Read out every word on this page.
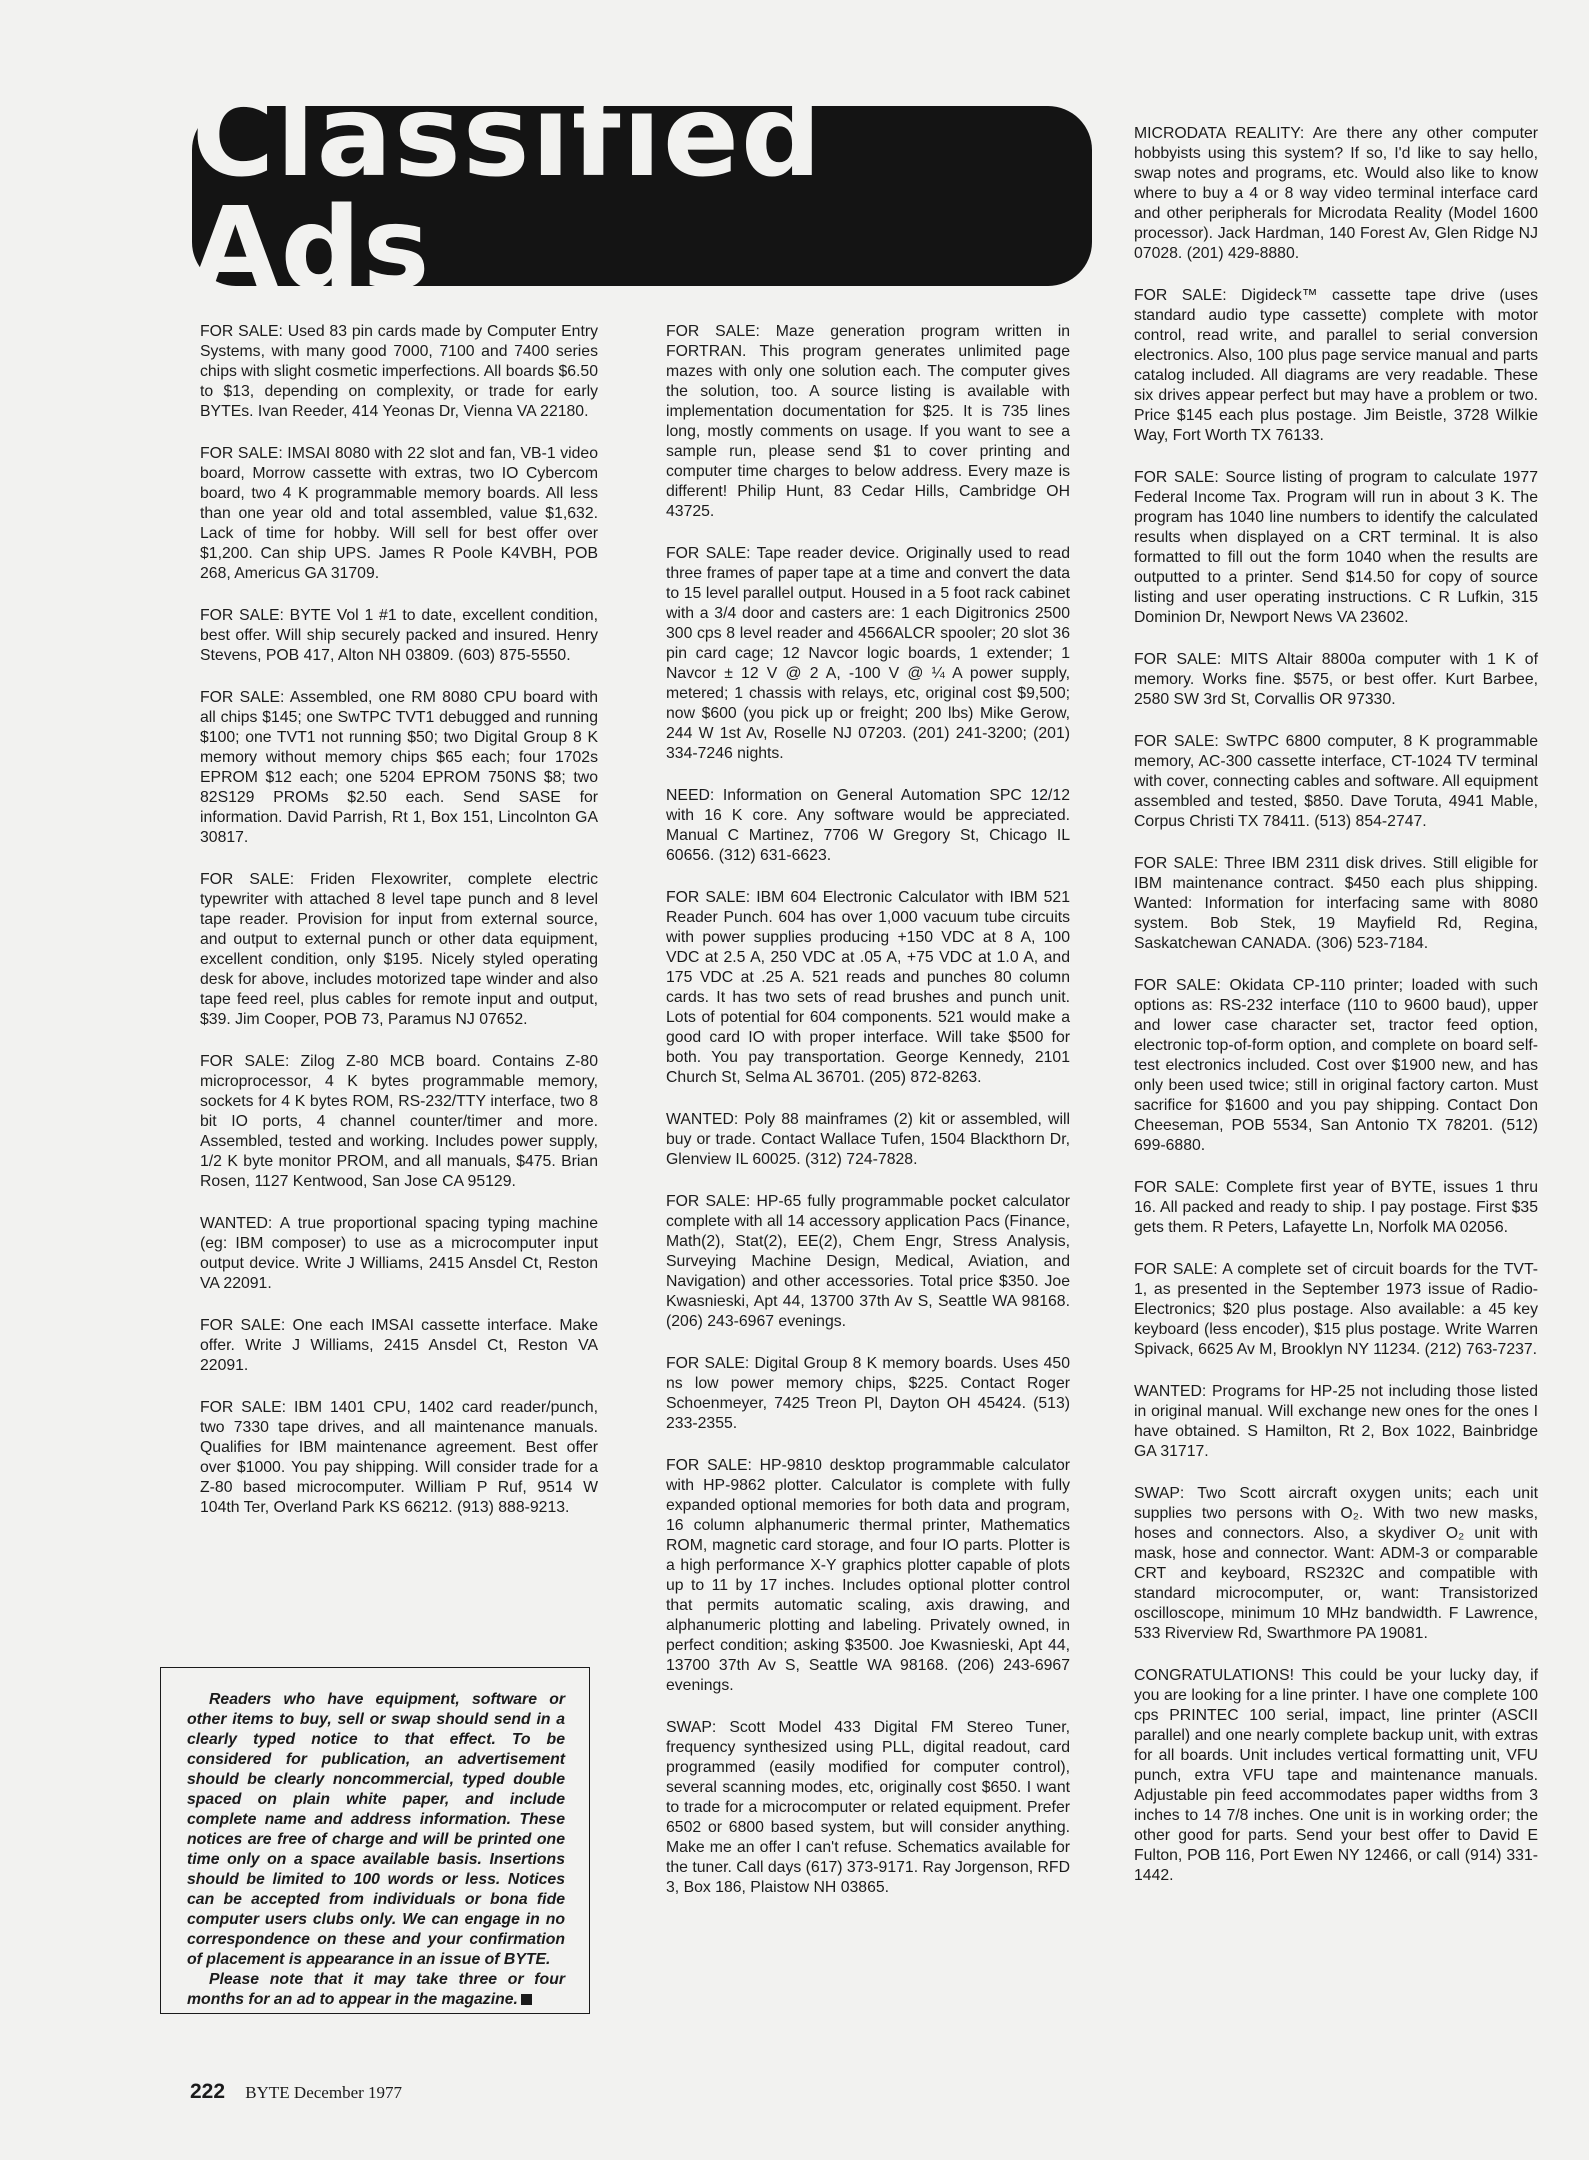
Classified Ads

FOR SALE: Used 83 pin cards made by Computer Entry Systems, with many good 7000, 7100 and 7400 series chips with slight cosmetic imperfections. All boards $6.50 to $13, depending on complexity, or trade for early BYTEs. Ivan Reeder, 414 Yeonas Dr, Vienna VA 22180.

FOR SALE: IMSAI 8080 with 22 slot and fan, VB-1 video board, Morrow cassette with extras, two IO Cybercom board, two 4 K programmable memory boards. All less than one year old and total assembled, value $1,632. Lack of time for hobby. Will sell for best offer over $1,200. Can ship UPS. James R Poole K4VBH, POB 268, Americus GA 31709.

FOR SALE: BYTE Vol 1 #1 to date, excellent condition, best offer. Will ship securely packed and insured. Henry Stevens, POB 417, Alton NH 03809. (603) 875-5550.

FOR SALE: Assembled, one RM 8080 CPU board with all chips $145; one SwTPC TVT1 debugged and running $100; one TVT1 not running $50; two Digital Group 8 K memory without memory chips $65 each; four 1702s EPROM $12 each; one 5204 EPROM 750NS $8; two 82S129 PROMs $2.50 each. Send SASE for information. David Parrish, Rt 1, Box 151, Lincolnton GA 30817.

FOR SALE: Friden Flexowriter, complete electric typewriter with attached 8 level tape punch and 8 level tape reader. Provision for input from external source, and output to external punch or other data equipment, excellent condition, only $195. Nicely styled operating desk for above, includes motorized tape winder and also tape feed reel, plus cables for remote input and output, $39. Jim Cooper, POB 73, Paramus NJ 07652.

FOR SALE: Zilog Z-80 MCB board. Contains Z-80 microprocessor, 4 K bytes programmable memory, sockets for 4 K bytes ROM, RS-232/TTY interface, two 8 bit IO ports, 4 channel counter/timer and more. Assembled, tested and working. Includes power supply, 1/2 K byte monitor PROM, and all manuals, $475. Brian Rosen, 1127 Kentwood, San Jose CA 95129.

WANTED: A true proportional spacing typing machine (eg: IBM composer) to use as a microcomputer input output device. Write J Williams, 2415 Ansdel Ct, Reston VA 22091.

FOR SALE: One each IMSAI cassette interface. Make offer. Write J Williams, 2415 Ansdel Ct, Reston VA 22091.

FOR SALE: IBM 1401 CPU, 1402 card reader/punch, two 7330 tape drives, and all maintenance manuals. Qualifies for IBM maintenance agreement. Best offer over $1000. You pay shipping. Will consider trade for a Z-80 based microcomputer. William P Ruf, 9514 W 104th Ter, Overland Park KS 66212. (913) 888-9213.

FOR SALE: Maze generation program written in FORTRAN. This program generates unlimited page mazes with only one solution each. The computer gives the solution, too. A source listing is available with implementation documentation for $25. It is 735 lines long, mostly comments on usage. If you want to see a sample run, please send $1 to cover printing and computer time charges to below address. Every maze is different! Philip Hunt, 83 Cedar Hills, Cambridge OH 43725.

FOR SALE: Tape reader device. Originally used to read three frames of paper tape at a time and convert the data to 15 level parallel output. Housed in a 5 foot rack cabinet with a 3/4 door and casters are: 1 each Digitronics 2500 300 cps 8 level reader and 4566ALCR spooler; 20 slot 36 pin card cage; 12 Navcor logic boards, 1 extender; 1 Navcor ± 12 V @ 2 A, -100 V @ ¼ A power supply, metered; 1 chassis with relays, etc, original cost $9,500; now $600 (you pick up or freight; 200 lbs) Mike Gerow, 244 W 1st Av, Roselle NJ 07203. (201) 241-3200; (201) 334-7246 nights.

NEED: Information on General Automation SPC 12/12 with 16 K core. Any software would be appreciated. Manual C Martinez, 7706 W Gregory St, Chicago IL 60656. (312) 631-6623.

FOR SALE: IBM 604 Electronic Calculator with IBM 521 Reader Punch. 604 has over 1,000 vacuum tube circuits with power supplies producing +150 VDC at 8 A, 100 VDC at 2.5 A, 250 VDC at .05 A, +75 VDC at 1.0 A, and 175 VDC at .25 A. 521 reads and punches 80 column cards. It has two sets of read brushes and punch unit. Lots of potential for 604 components. 521 would make a good card IO with proper interface. Will take $500 for both. You pay transportation. George Kennedy, 2101 Church St, Selma AL 36701. (205) 872-8263.

WANTED: Poly 88 mainframes (2) kit or assembled, will buy or trade. Contact Wallace Tufen, 1504 Blackthorn Dr, Glenview IL 60025. (312) 724-7828.

FOR SALE: HP-65 fully programmable pocket calculator complete with all 14 accessory application Pacs (Finance, Math(2), Stat(2), EE(2), Chem Engr, Stress Analysis, Surveying Machine Design, Medical, Aviation, and Navigation) and other accessories. Total price $350. Joe Kwasnieski, Apt 44, 13700 37th Av S, Seattle WA 98168. (206) 243-6967 evenings.

FOR SALE: Digital Group 8 K memory boards. Uses 450 ns low power memory chips, $225. Contact Roger Schoenmeyer, 7425 Treon Pl, Dayton OH 45424. (513) 233-2355.

FOR SALE: HP-9810 desktop programmable calculator with HP-9862 plotter. Calculator is complete with fully expanded optional memories for both data and program, 16 column alphanumeric thermal printer, Mathematics ROM, magnetic card storage, and four IO parts. Plotter is a high performance X-Y graphics plotter capable of plots up to 11 by 17 inches. Includes optional plotter control that permits automatic scaling, axis drawing, and alphanumeric plotting and labeling. Privately owned, in perfect condition; asking $3500. Joe Kwasnieski, Apt 44, 13700 37th Av S, Seattle WA 98168. (206) 243-6967 evenings.

SWAP: Scott Model 433 Digital FM Stereo Tuner, frequency synthesized using PLL, digital readout, card programmed (easily modified for computer control), several scanning modes, etc, originally cost $650. I want to trade for a microcomputer or related equipment. Prefer 6502 or 6800 based system, but will consider anything. Make me an offer I can't refuse. Schematics available for the tuner. Call days (617) 373-9171. Ray Jorgenson, RFD 3, Box 186, Plaistow NH 03865.

MICRODATA REALITY: Are there any other computer hobbyists using this system? If so, I'd like to say hello, swap notes and programs, etc. Would also like to know where to buy a 4 or 8 way video terminal interface card and other peripherals for Microdata Reality (Model 1600 processor). Jack Hardman, 140 Forest Av, Glen Ridge NJ 07028. (201) 429-8880.

FOR SALE: Digideck™ cassette tape drive (uses standard audio type cassette) complete with motor control, read write, and parallel to serial conversion electronics. Also, 100 plus page service manual and parts catalog included. All diagrams are very readable. These six drives appear perfect but may have a problem or two. Price $145 each plus postage. Jim Beistle, 3728 Wilkie Way, Fort Worth TX 76133.

FOR SALE: Source listing of program to calculate 1977 Federal Income Tax. Program will run in about 3 K. The program has 1040 line numbers to identify the calculated results when displayed on a CRT terminal. It is also formatted to fill out the form 1040 when the results are outputted to a printer. Send $14.50 for copy of source listing and user operating instructions. C R Lufkin, 315 Dominion Dr, Newport News VA 23602.

FOR SALE: MITS Altair 8800a computer with 1 K of memory. Works fine. $575, or best offer. Kurt Barbee, 2580 SW 3rd St, Corvallis OR 97330.

FOR SALE: SwTPC 6800 computer, 8 K programmable memory, AC-300 cassette interface, CT-1024 TV terminal with cover, connecting cables and software. All equipment assembled and tested, $850. Dave Toruta, 4941 Mable, Corpus Christi TX 78411. (513) 854-2747.

FOR SALE: Three IBM 2311 disk drives. Still eligible for IBM maintenance contract. $450 each plus shipping. Wanted: Information for interfacing same with 8080 system. Bob Stek, 19 Mayfield Rd, Regina, Saskatchewan CANADA. (306) 523-7184.

FOR SALE: Okidata CP-110 printer; loaded with such options as: RS-232 interface (110 to 9600 baud), upper and lower case character set, tractor feed option, electronic top-of-form option, and complete on board self-test electronics included. Cost over $1900 new, and has only been used twice; still in original factory carton. Must sacrifice for $1600 and you pay shipping. Contact Don Cheeseman, POB 5534, San Antonio TX 78201. (512) 699-6880.

FOR SALE: Complete first year of BYTE, issues 1 thru 16. All packed and ready to ship. I pay postage. First $35 gets them. R Peters, Lafayette Ln, Norfolk MA 02056.

FOR SALE: A complete set of circuit boards for the TVT-1, as presented in the September 1973 issue of Radio-Electronics; $20 plus postage. Also available: a 45 key keyboard (less encoder), $15 plus postage. Write Warren Spivack, 6625 Av M, Brooklyn NY 11234. (212) 763-7237.

WANTED: Programs for HP-25 not including those listed in original manual. Will exchange new ones for the ones I have obtained. S Hamilton, Rt 2, Box 1022, Bainbridge GA 31717.

SWAP: Two Scott aircraft oxygen units; each unit supplies two persons with O₂. With two new masks, hoses and connectors. Also, a skydiver O₂ unit with mask, hose and connector. Want: ADM-3 or comparable CRT and keyboard, RS232C and compatible with standard microcomputer, or, want: Transistorized oscilloscope, minimum 10 MHz bandwidth. F Lawrence, 533 Riverview Rd, Swarthmore PA 19081.

CONGRATULATIONS! This could be your lucky day, if you are looking for a line printer. I have one complete 100 cps PRINTEC 100 serial, impact, line printer (ASCII parallel) and one nearly complete backup unit, with extras for all boards. Unit includes vertical formatting unit, VFU punch, extra VFU tape and maintenance manuals. Adjustable pin feed accommodates paper widths from 3 inches to 14 7/8 inches. One unit is in working order; the other good for parts. Send your best offer to David E Fulton, POB 116, Port Ewen NY 12466, or call (914) 331-1442.

Readers who have equipment, software or other items to buy, sell or swap should send in a clearly typed notice to that effect. To be considered for publication, an advertisement should be clearly noncommercial, typed double spaced on plain white paper, and include complete name and address information. These notices are free of charge and will be printed one time only on a space available basis. Insertions should be limited to 100 words or less. Notices can be accepted from individuals or bona fide computer users clubs only. We can engage in no correspondence on these and your confirmation of placement is appearance in an issue of BYTE.

Please note that it may take three or four months for an ad to appear in the magazine.

222 BYTE December 1977
